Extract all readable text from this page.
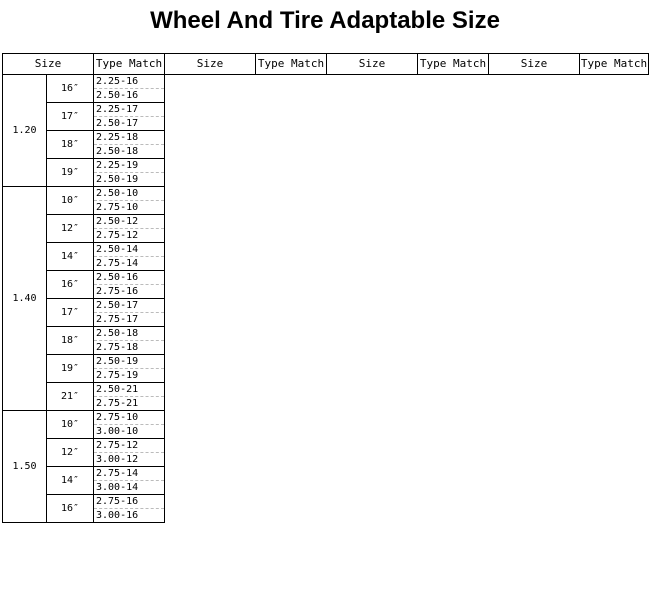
Wheel And Tire Adaptable Size
Size		Type Match	Size	Type Match	Size	Type Match	Size	Type Match
1.20	16″	2.25-16						
		2.50-16						
	17″	2.25-17						
		2.50-17						
	18″	2.25-18						
		2.50-18						
	19″	2.25-19						
		2.50-19						
1.40	10″	2.50-10						
		2.75-10						
	12″	2.50-12						
		2.75-12						
	14″	2.50-14						
		2.75-14						
	16″	2.50-16						
		2.75-16						
	17″	2.50-17						
		2.75-17						
	18″	2.50-18						
		2.75-18						
	19″	2.50-19						
		2.75-19						
	21″	2.50-21						
		2.75-21						
1.50	10″	2.75-10						
		3.00-10						
	12″	2.75-12						
		3.00-12						
	14″	2.75-14						
		3.00-14						
	16″	2.75-16						
		3.00-16						
